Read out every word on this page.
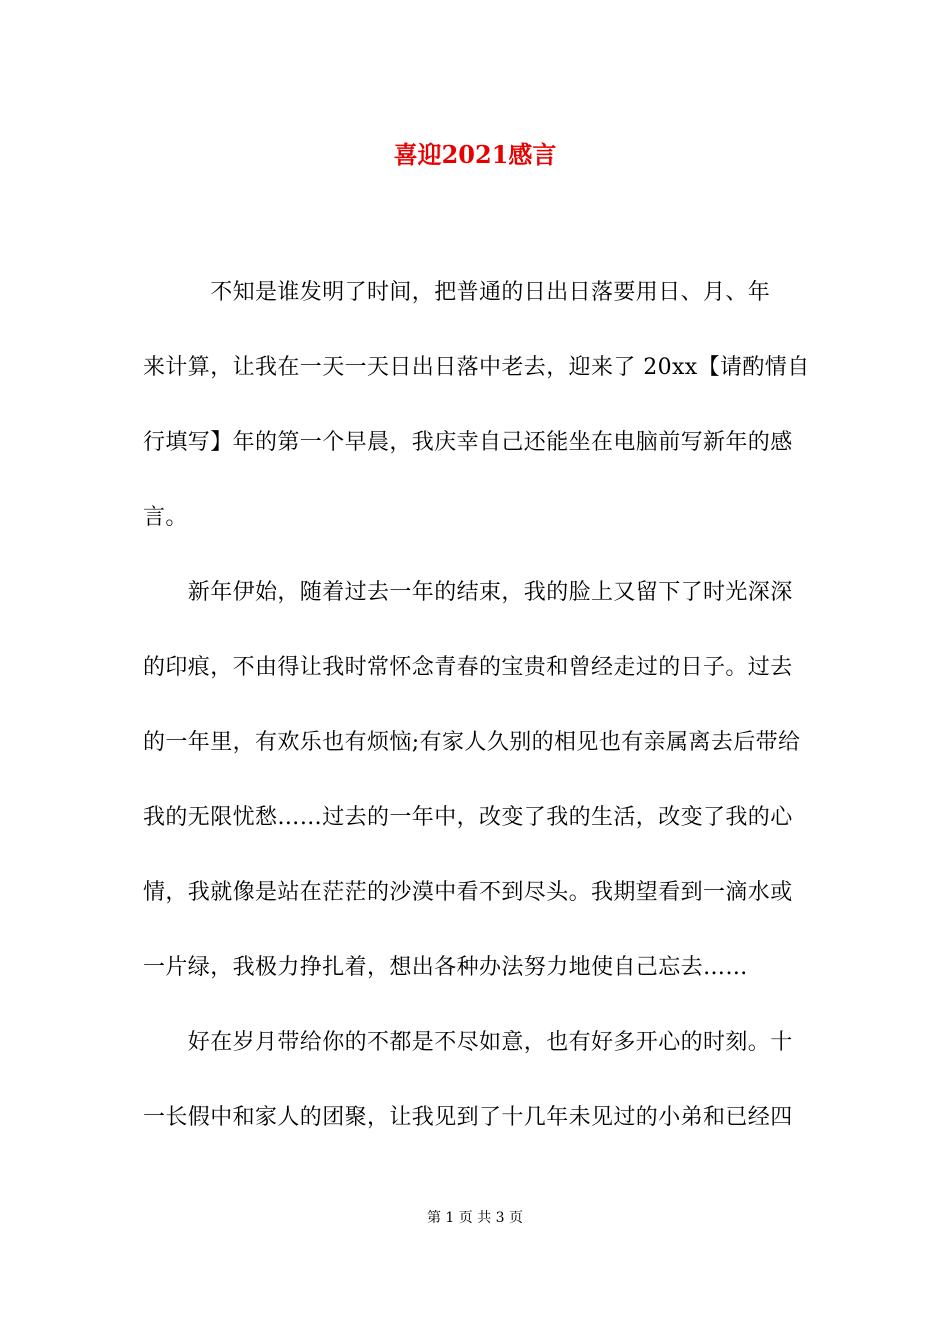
喜迎2021感言
　　　不知是谁发明了时间，把普通的日出日落要用日、月、年
来计算，让我在一天一天日出日落中老去，迎来了 20xx【请酌情自
行填写】年的第一个早晨，我庆幸自己还能坐在电脑前写新年的感
言。
　　新年伊始，随着过去一年的结束，我的脸上又留下了时光深深
的印痕，不由得让我时常怀念青春的宝贵和曾经走过的日子。过去
的一年里，有欢乐也有烦恼;有家人久别的相见也有亲属离去后带给
我的无限忧愁……过去的一年中，改变了我的生活，改变了我的心
情，我就像是站在茫茫的沙漠中看不到尽头。我期望看到一滴水或
一片绿，我极力挣扎着，想出各种办法努力地使自己忘去……
　　好在岁月带给你的不都是不尽如意，也有好多开心的时刻。十
一长假中和家人的团聚，让我见到了十几年未见过的小弟和已经四
第 1 页 共 3 页
